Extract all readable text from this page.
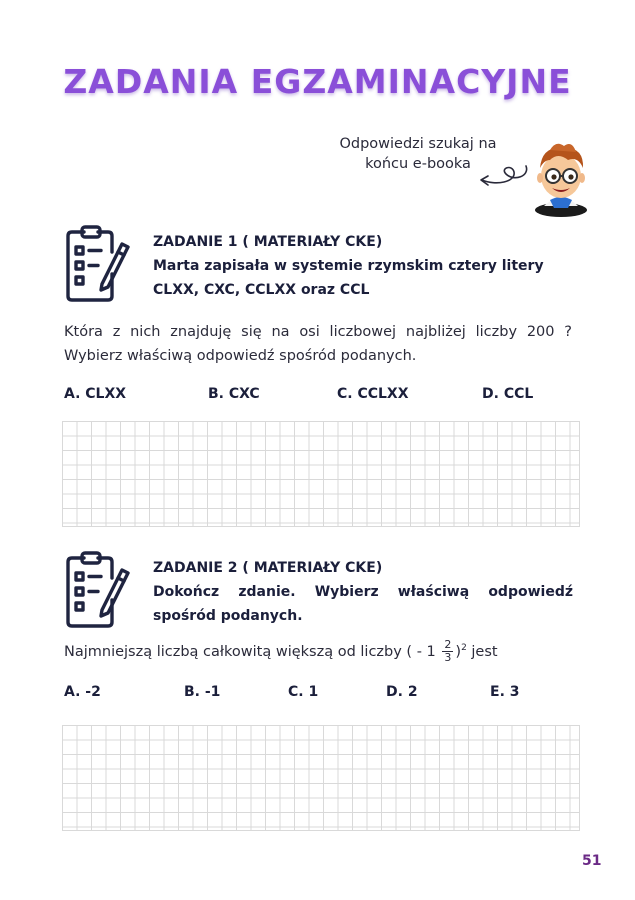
ZADANIA EGZAMINACYJNE
Odpowiedzi szukaj na
końcu e-booka
ZADANIE 1 ( MATERIAŁY CKE)
Marta zapisała w systemie rzymskim cztery litery
CLXX, CXC, CCLXX oraz CCL
Która z nich znajduję się na osi liczbowej najbliżej liczby 200 ?
Wybierz właściwą odpowiedź spośród podanych.
A. CLXX	B. CXC	C. CCLXX	D. CCL
ZADANIE 2 ( MATERIAŁY CKE)
Dokończ zdanie. Wybierz właściwą odpowiedź
spośród podanych.
Najmniejszą liczbą całkowitą większą od liczby ( - $1 \frac{2}{3} )^2$ jest
A. -2	B. -1	C. 1	D. 2	E. 3
51
